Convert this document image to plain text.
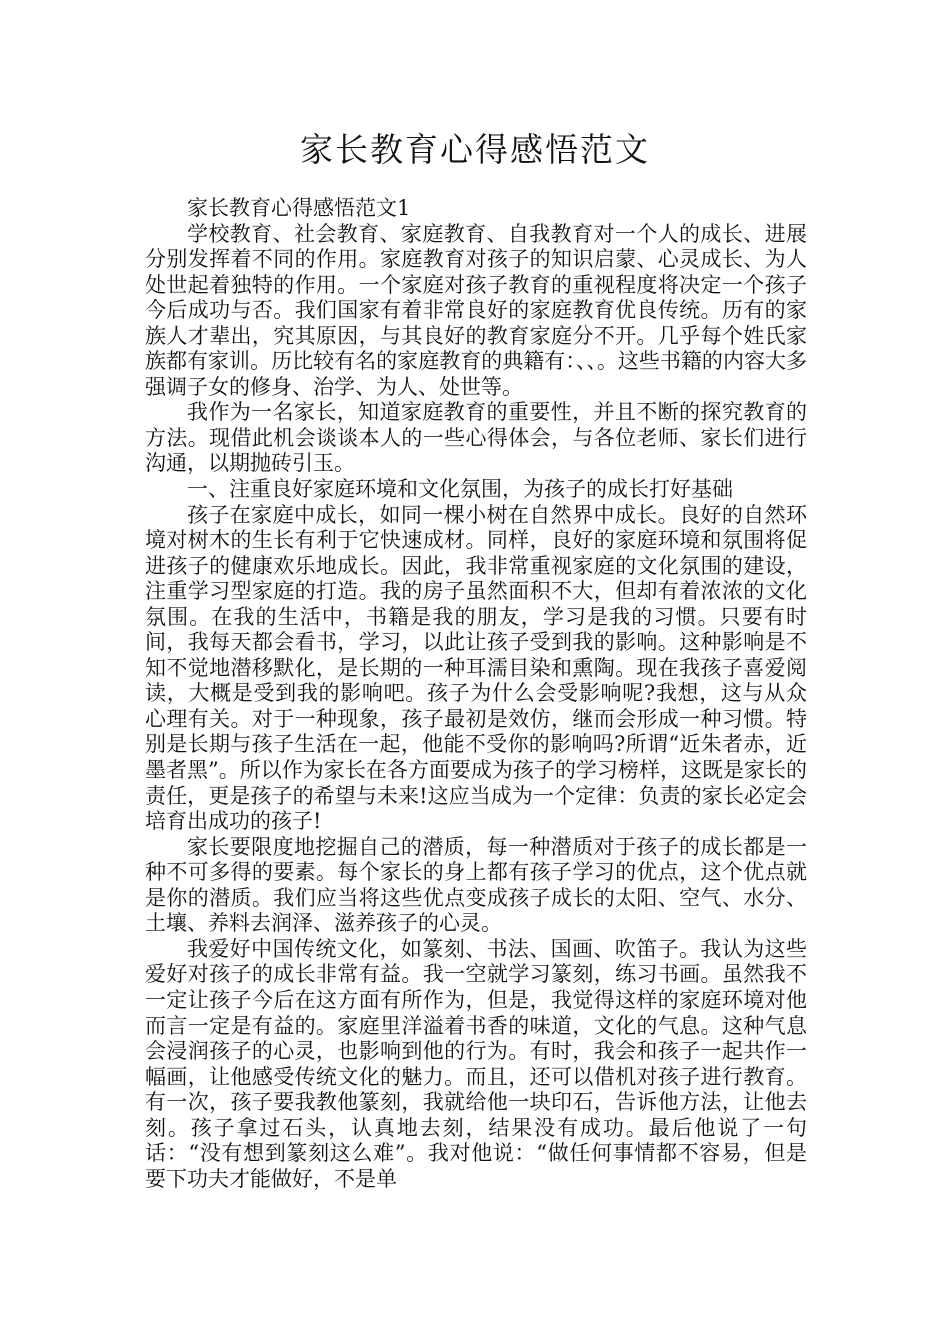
家长教育心得感悟范文

家长教育心得感悟范文1

学校教育、社会教育、家庭教育、自我教育对一个人的成长、进展分别发挥着不同的作用。家庭教育对孩子的知识启蒙、心灵成长、为人处世起着独特的作用。一个家庭对孩子教育的重视程度将决定一个孩子今后成功与否。我们国家有着非常良好的家庭教育优良传统。历有的家族人才辈出，究其原因，与其良好的教育家庭分不开。几乎每个姓氏家族都有家训。历比较有名的家庭教育的典籍有：、、。这些书籍的内容大多强调子女的修身、治学、为人、处世等。

我作为一名家长，知道家庭教育的重要性，并且不断的探究教育的方法。现借此机会谈谈本人的一些心得体会，与各位老师、家长们进行沟通，以期抛砖引玉。

一、注重良好家庭环境和文化氛围，为孩子的成长打好基础

孩子在家庭中成长，如同一棵小树在自然界中成长。良好的自然环境对树木的生长有利于它快速成材。同样，良好的家庭环境和氛围将促进孩子的健康欢乐地成长。因此，我非常重视家庭的文化氛围的建设，注重学习型家庭的打造。我的房子虽然面积不大，但却有着浓浓的文化氛围。在我的生活中，书籍是我的朋友，学习是我的习惯。只要有时间，我每天都会看书，学习，以此让孩子受到我的影响。这种影响是不知不觉地潜移默化，是长期的一种耳濡目染和熏陶。现在我孩子喜爱阅读，大概是受到我的影响吧。孩子为什么会受影响呢?我想，这与从众心理有关。对于一种现象，孩子最初是效仿，继而会形成一种习惯。特别是长期与孩子生活在一起，他能不受你的影响吗?所谓“近朱者赤，近墨者黑”。所以作为家长在各方面要成为孩子的学习榜样，这既是家长的责任，更是孩子的希望与未来!这应当成为一个定律：负责的家长必定会培育出成功的孩子!

家长要限度地挖掘自己的潜质，每一种潜质对于孩子的成长都是一种不可多得的要素。每个家长的身上都有孩子学习的优点，这个优点就是你的潜质。我们应当将这些优点变成孩子成长的太阳、空气、水分、土壤、养料去润泽、滋养孩子的心灵。

我爱好中国传统文化，如篆刻、书法、国画、吹笛子。我认为这些爱好对孩子的成长非常有益。我一空就学习篆刻，练习书画。虽然我不一定让孩子今后在这方面有所作为，但是，我觉得这样的家庭环境对他而言一定是有益的。家庭里洋溢着书香的味道，文化的气息。这种气息会浸润孩子的心灵，也影响到他的行为。有时，我会和孩子一起共作一幅画，让他感受传统文化的魅力。而且，还可以借机对孩子进行教育。有一次，孩子要我教他篆刻，我就给他一块印石，告诉他方法，让他去刻。孩子拿过石头，认真地去刻，结果没有成功。最后他说了一句话：“没有想到篆刻这么难”。我对他说：“做任何事情都不容易，但是要下功夫才能做好，不是单
